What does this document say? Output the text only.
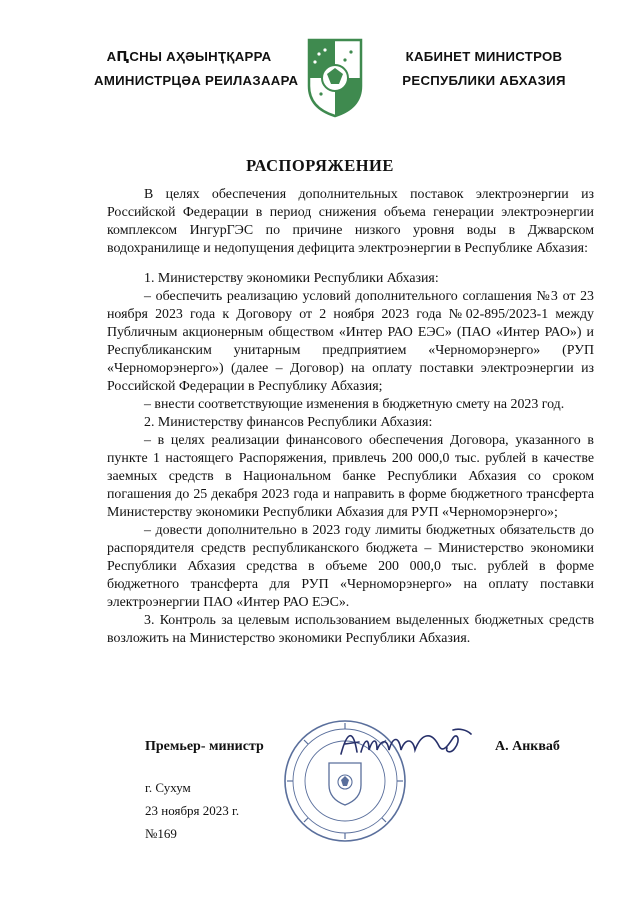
АԤСНЫ АҲӘЫНҬҚАРРА
АМИНИСТРЦӘА РЕИЛАЗААРА
КАБИНЕТ МИНИСТРОВ
РЕСПУБЛИКИ АБХАЗИЯ
РАСПОРЯЖЕНИЕ

В целях обеспечения дополнительных поставок электроэнергии из Российской Федерации в период снижения объема генерации электроэнергии комплексом ИнгурГЭС по причине низкого уровня воды в Джварском водохранилище и недопущения дефицита электроэнергии в Республике Абхазия:

1. Министерству экономики Республики Абхазия:

– обеспечить реализацию условий дополнительного соглашения №3 от 23 ноября 2023 года к Договору от 2 ноября 2023 года №02-895/2023-1 между Публичным акционерным обществом «Интер РАО ЕЭС» (ПАО «Интер РАО») и Республиканским унитарным предприятием «Черноморэнерго» (РУП «Черноморэнерго») (далее – Договор) на оплату поставки электроэнергии из Российской Федерации в Республику Абхазия;

– внести соответствующие изменения в бюджетную смету на 2023 год.

2. Министерству финансов Республики Абхазия:

– в целях реализации финансового обеспечения Договора, указанного в пункте 1 настоящего Распоряжения, привлечь 200 000,0 тыс. рублей в качестве заемных средств в Национальном банке Республики Абхазия со сроком погашения до 25 декабря 2023 года и направить в форме бюджетного трансферта Министерству экономики Республики Абхазия для РУП «Черноморэнерго»;

– довести дополнительно в 2023 году лимиты бюджетных обязательств до распорядителя средств республиканского бюджета – Министерство экономики Республики Абхазия средства в объеме 200 000,0 тыс. рублей в форме бюджетного трансферта для РУП «Черноморэнерго» на оплату поставки электроэнергии ПАО «Интер РАО ЕЭС».

3. Контроль за целевым использованием выделенных бюджетных средств возложить на Министерство экономики Республики Абхазия.

Премьер- министр	А. Анкваб
г. Сухум
23 ноября 2023 г.
№169
